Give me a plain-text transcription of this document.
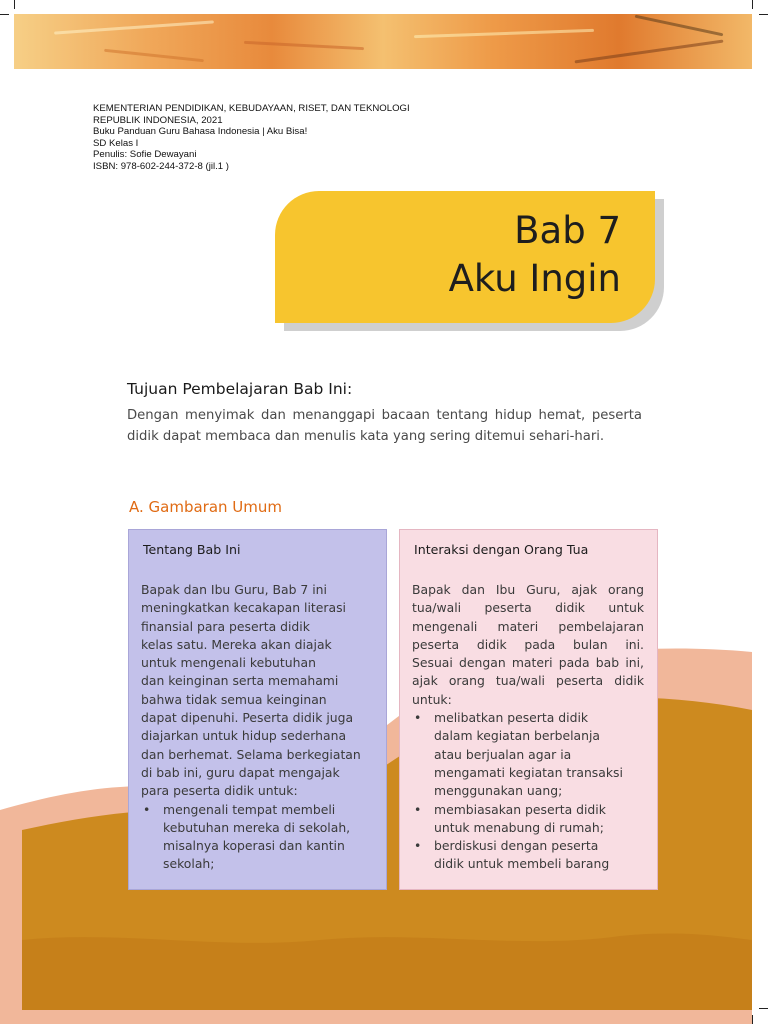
KEMENTERIAN PENDIDIKAN, KEBUDAYAAN, RISET, DAN TEKNOLOGI
REPUBLIK INDONESIA, 2021
Buku Panduan Guru Bahasa Indonesia | Aku Bisa!
SD Kelas I
Penulis: Sofie Dewayani
ISBN: 978-602-244-372-8 (jil.1 )
Bab 7
Aku Ingin
Tujuan Pembelajaran Bab Ini:
Dengan menyimak dan menanggapi bacaan tentang hidup hemat, peserta didik dapat membaca dan menulis kata yang sering ditemui sehari-hari.
A. Gambaran Umum
Tentang Bab Ini
Bapak dan Ibu Guru, Bab 7 ini
meningkatkan kecakapan literasi
finansial para peserta didik
kelas satu. Mereka akan diajak
untuk mengenali kebutuhan
dan keinginan serta memahami
bahwa tidak semua keinginan
dapat dipenuhi. Peserta didik juga
diajarkan untuk hidup sederhana
dan berhemat. Selama berkegiatan
di bab ini, guru dapat mengajak
para peserta didik untuk:
• mengenali tempat membeli
kebutuhan mereka di sekolah,
misalnya koperasi dan kantin
sekolah;
Interaksi dengan Orang Tua
Bapak dan Ibu Guru, ajak orang
tua/wali peserta didik untuk
mengenali materi pembelajaran
peserta didik pada bulan ini.
Sesuai dengan materi pada bab ini,
ajak orang tua/wali peserta didik
untuk:
• melibatkan peserta didik
dalam kegiatan berbelanja
atau berjualan agar ia
mengamati kegiatan transaksi
menggunakan uang;
• membiasakan peserta didik
untuk menabung di rumah;
• berdiskusi dengan peserta
didik untuk membeli barang
